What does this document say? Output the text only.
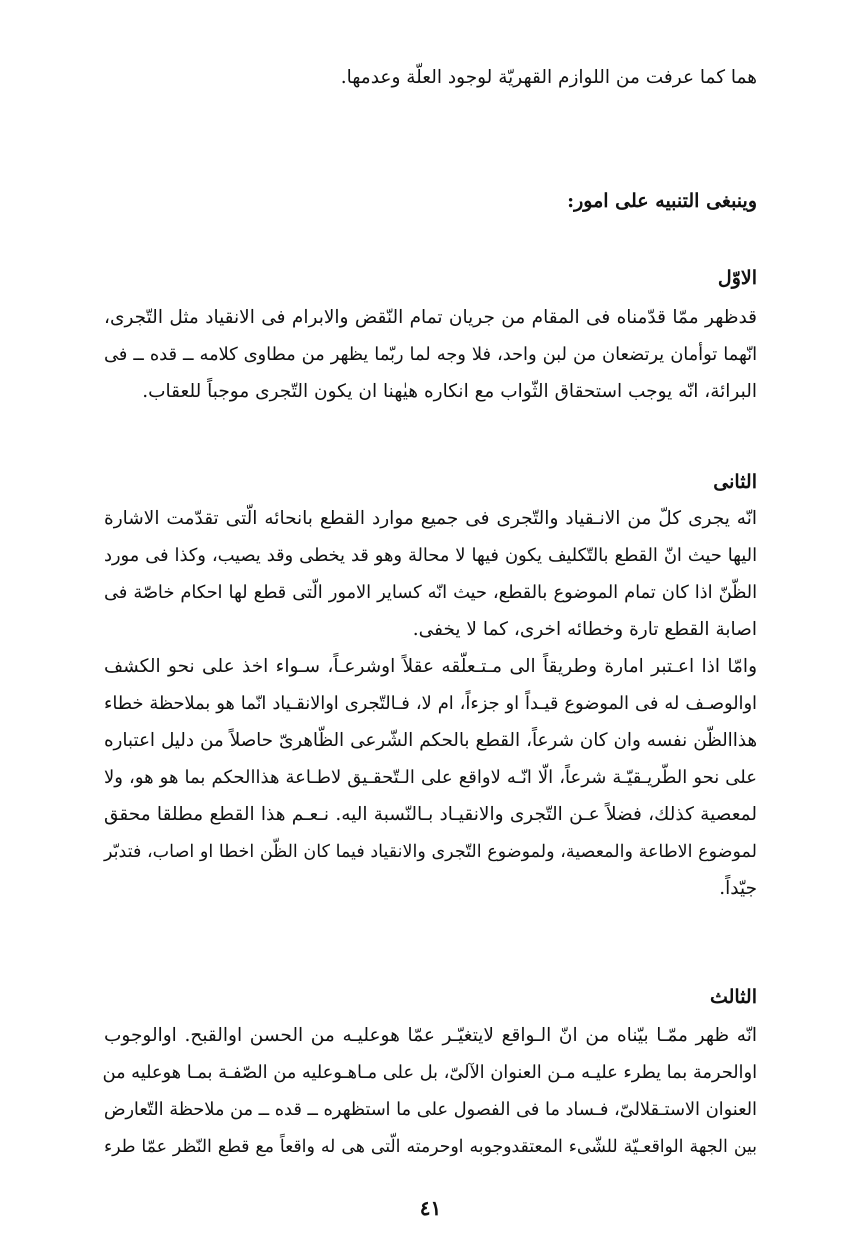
هما كما عرفت من اللوازم القهريّة لوجود العلّة وعدمها.
وينبغى التنبيه على امور:
الاوّل
قدظهر ممّا قدّمناه فى المقام من جريان تمام النّقض والابرام فى الانقياد مثل التّجرى،
انّهما توأمان يرتضعان من لبن واحد، فلا وجه لما ربّما يظهر من مطاوى كلامه ــ قده ــ فى
البرائة، انّه يوجب استحقاق الثّواب مع انكاره هيٰهنا ان يكون التّجرى موجباً للعقاب.
الثانى
انّه يجرى كلّ من الانـقياد والتّجرى فى جميع موارد القطع بانحائه الّتى تقدّمت الاشارة
اليها حيث انّ القطع بالتّكليف يكون فيها لا محالة وهو قد يخطى وقد يصيب، وكذا فى مورد
الظّنّ اذا كان تمام الموضوع بالقطع، حيث انّه كساير الامور الّتى قطع لها احكام خاصّة فى
اصابة القطع تارة وخطائه اخرى، كما لا يخفى.
وامّا اذا اعـتبر امارة وطريقاً الى مـتـعلّقه عقلاً اوشرعـاً، سـواء اخذ على نحو الكشف
اوالوصـف له فى الموضوع قيـداً او جزءاً، ام لا، فـالتّجرى اوالانقـياد انّما هو بملاحظة خطاء
هذاالظّن نفسه وان كان شرعاً، القطع بالحكم الشّرعى الظّاهرىّ حاصلاً من دليل اعتباره
على نحو الطّريـقيّـة شرعاً، الّا انّـه لاواقع على الـتّحقـيق لاطـاعة هذاالحكم بما هو هو، ولا
لمعصية كذلك، فضلاً عـن التّجرى والانقيـاد بـالنّسبة اليه. نـعـم هذا القطع مطلقا محقق
لموضوع الاطاعة والمعصية، ولموضوع التّجرى والانقياد فيما كان الظّن اخطا او اصاب، فتدبّر
جيّداً.
الثالث
انّه ظهر ممّـا بيّناه من انّ الـواقع لايتغيّـر عمّا هوعليـه من الحسن اوالقبح. اوالوجوب
اوالحرمة بما يطرء عليـه مـن العنوان الآلىّ، بل على مـاهـوعليه من الصّفـة بمـا هوعليه من
العنوان الاستـقلالىّ، فـساد ما فى الفصول على ما استظهره ــ قده ــ من ملاحظة التّعارض
بين الجهة الواقعـيّة للشّىء المعتقدوجوبه اوحرمته الّتى هى له واقعاً مع قطع النّظر عمّا طرء
٤١
